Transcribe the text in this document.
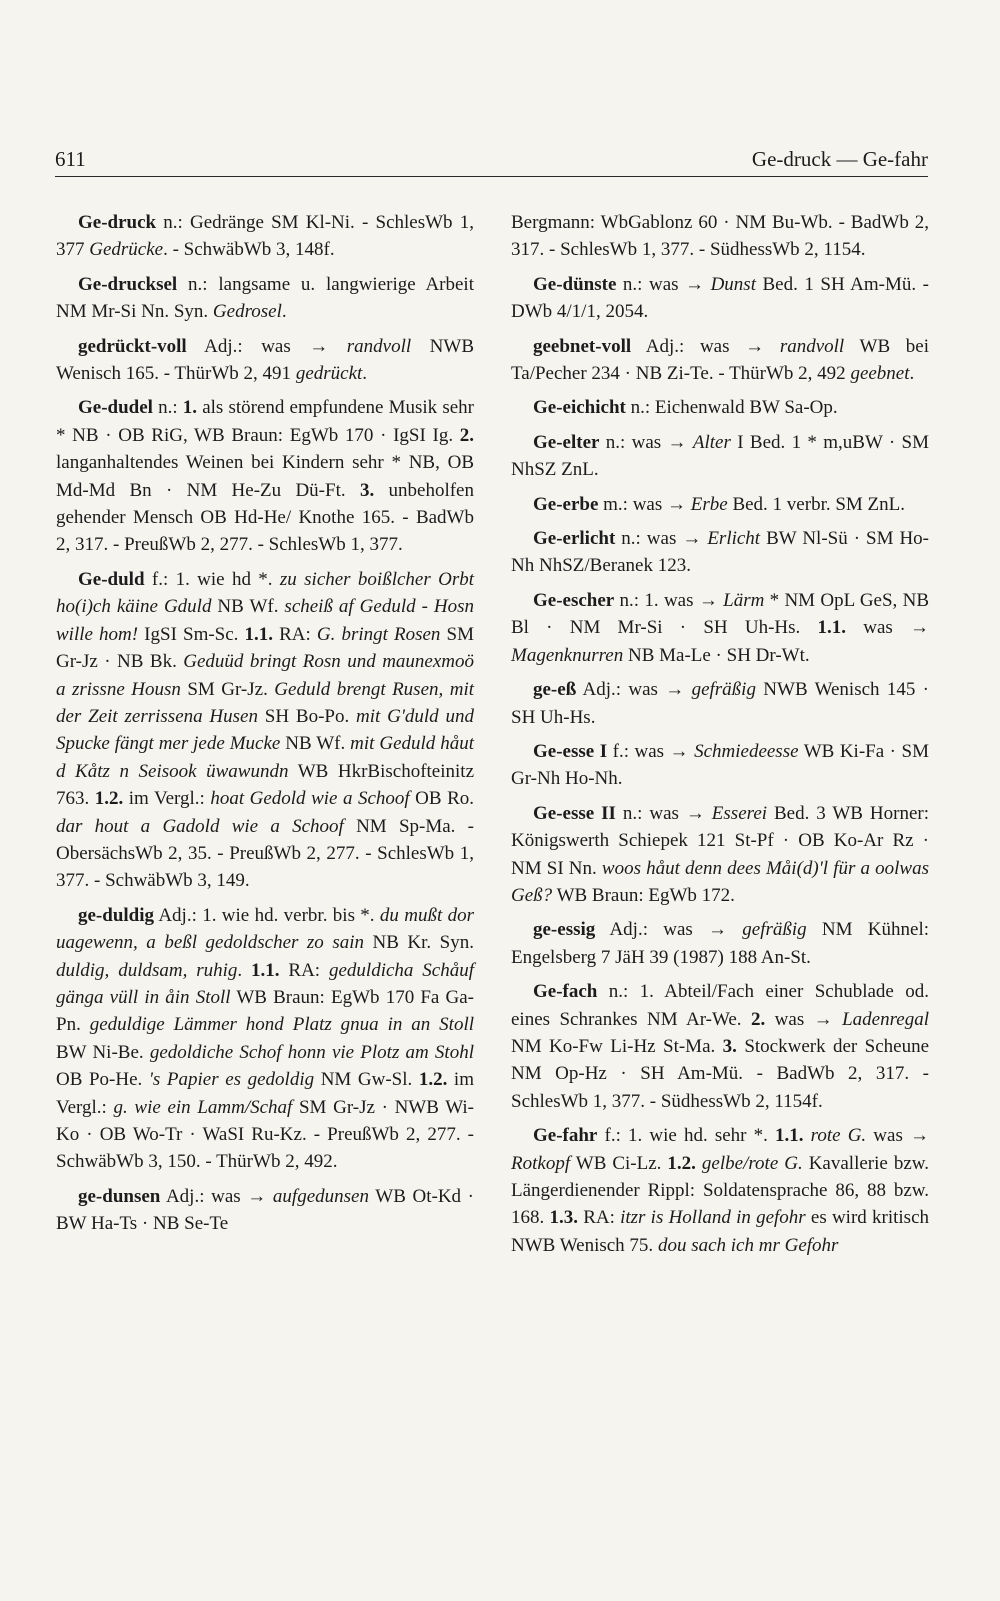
611	Ge-druck — Ge-fahr

Ge-druck n.: Gedränge SM Kl-Ni. - SchlesWb 1, 377 Gedrücke. - SchwäbWb 3, 148f.

Ge-drucksel n.: langsame u. langwierige Arbeit NM Mr-Si Nn. Syn. Gedrosel.

gedrückt-voll Adj.: was → randvoll NWB Wenisch 165. - ThürWb 2, 491 gedrückt.

Ge-dudel n.: 1. als störend empfundene Musik sehr * NB · OB RiG, WB Braun: EgWb 170 · IgSI Ig. 2. langanhaltendes Weinen bei Kindern sehr * NB, OB Md-Md Bn · NM He-Zu Dü-Ft. 3. unbeholfen gehender Mensch OB Hd-He/ Knothe 165. - BadWb 2, 317. - PreußWb 2, 277. - SchlesWb 1, 377.

Ge-duld f.: 1. wie hd *. zu sicher boißlcher Orbt ho(i)ch käine Gduld NB Wf. scheiß af Geduld - Hosn wille hom! IgSI Sm-Sc. 1.1. RA: G. bringt Rosen SM Gr-Jz · NB Bk. Geduüd bringt Rosn und maunexmoö a zrissne Housn SM Gr-Jz. Geduld brengt Rusen, mit der Zeit zerrissena Husen SH Bo-Po. mit G'duld und Spucke fängt mer jede Mucke NB Wf. mit Geduld håut d Kåtz n Seisook üwawundn WB HkrBischofteinitz 763. 1.2. im Vergl.: hoat Gedold wie a Schoof OB Ro. dar hout a Gadold wie a Schoof NM Sp-Ma. - ObersächsWb 2, 35. - PreußWb 2, 277. - SchlesWb 1, 377. - SchwäbWb 3, 149.

ge-duldig Adj.: 1. wie hd. verbr. bis *. du mußt dor uagewenn, a beßl gedoldscher zo sain NB Kr. Syn. duldig, duldsam, ruhig. 1.1. RA: geduldicha Schåuf gänga vüll in åin Stoll WB Braun: EgWb 170 Fa Ga-Pn. geduldige Lämmer hond Platz gnua in an Stoll BW Ni-Be. gedoldiche Schof honn vie Plotz am Stohl OB Po-He. 's Papier es gedoldig NM Gw-Sl. 1.2. im Vergl.: g. wie ein Lamm/Schaf SM Gr-Jz · NWB Wi-Ko · OB Wo-Tr · WaSI Ru-Kz. - PreußWb 2, 277. - SchwäbWb 3, 150. - ThürWb 2, 492.

ge-dunsen Adj.: was → aufgedunsen WB Ot-Kd · BW Ha-Ts · NB Se-Te

Bergmann: WbGablonz 60 · NM Bu-Wb. - BadWb 2, 317. - SchlesWb 1, 377. - SüdhessWb 2, 1154.

Ge-dünste n.: was → Dunst Bed. 1 SH Am-Mü. - DWb 4/1/1, 2054.

geebnet-voll Adj.: was → randvoll WB bei Ta/Pecher 234 · NB Zi-Te. - ThürWb 2, 492 geebnet.

Ge-eichicht n.: Eichenwald BW Sa-Op.

Ge-elter n.: was → Alter I Bed. 1 * m,uBW · SM NhSZ ZnL.

Ge-erbe m.: was → Erbe Bed. 1 verbr. SM ZnL.

Ge-erlicht n.: was → Erlicht BW Nl-Sü · SM Ho-Nh NhSZ/Beranek 123.

Ge-escher n.: 1. was → Lärm * NM OpL GeS, NB Bl · NM Mr-Si · SH Uh-Hs. 1.1. was → Magenknurren NB Ma-Le · SH Dr-Wt.

ge-eß Adj.: was → gefräßig NWB Wenisch 145 · SH Uh-Hs.

Ge-esse I f.: was → Schmiedeesse WB Ki-Fa · SM Gr-Nh Ho-Nh.

Ge-esse II n.: was → Esserei Bed. 3 WB Horner: Königswerth Schiepek 121 St-Pf · OB Ko-Ar Rz · NM SI Nn. woos håut denn dees Måi(d)'l für a oolwas Geß? WB Braun: EgWb 172.

ge-essig Adj.: was → gefräßig NM Kühnel: Engelsberg 7 JäH 39 (1987) 188 An-St.

Ge-fach n.: 1. Abteil/Fach einer Schublade od. eines Schrankes NM Ar-We. 2. was → Ladenregal NM Ko-Fw Li-Hz St-Ma. 3. Stockwerk der Scheune NM Op-Hz · SH Am-Mü. - BadWb 2, 317. - SchlesWb 1, 377. - SüdhessWb 2, 1154f.

Ge-fahr f.: 1. wie hd. sehr *. 1.1. rote G. was → Rotkopf WB Ci-Lz. 1.2. gelbe/rote G. Kavallerie bzw. Längerdienender Rippl: Soldatensprache 86, 88 bzw. 168. 1.3. RA: itzr is Holland in gefohr es wird kritisch NWB Wenisch 75. dou sach ich mr Gefohr
